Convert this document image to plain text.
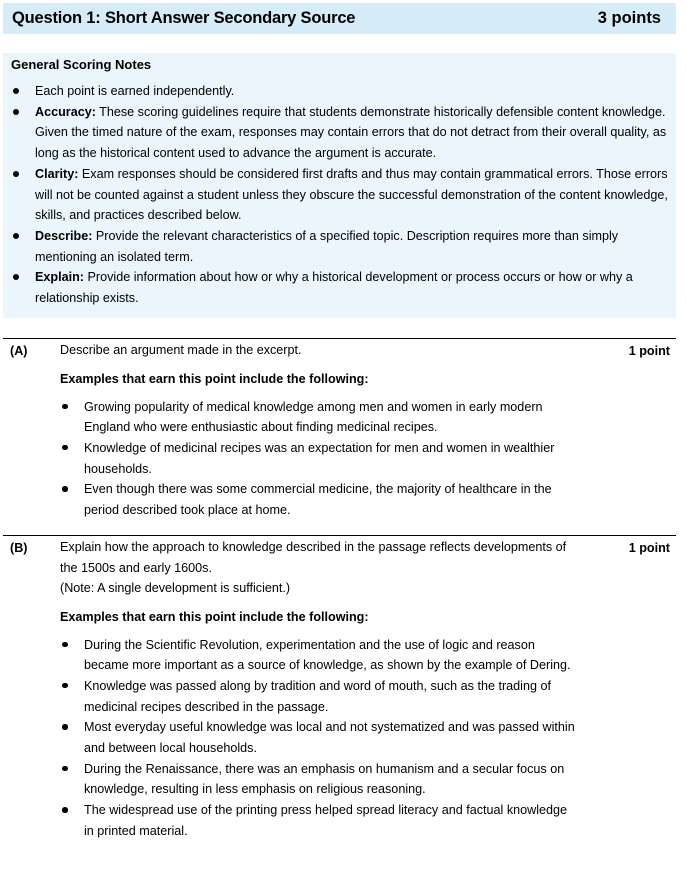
Question 1: Short Answer Secondary Source	3 points
General Scoring Notes
Each point is earned independently.
Accuracy: These scoring guidelines require that students demonstrate historically defensible content knowledge. Given the timed nature of the exam, responses may contain errors that do not detract from their overall quality, as long as the historical content used to advance the argument is accurate.
Clarity: Exam responses should be considered first drafts and thus may contain grammatical errors. Those errors will not be counted against a student unless they obscure the successful demonstration of the content knowledge, skills, and practices described below.
Describe: Provide the relevant characteristics of a specified topic. Description requires more than simply mentioning an isolated term.
Explain: Provide information about how or why a historical development or process occurs or how or why a relationship exists.
(A)	1 point
Describe an argument made in the excerpt.
Examples that earn this point include the following:
Growing popularity of medical knowledge among men and women in early modern England who were enthusiastic about finding medicinal recipes.
Knowledge of medicinal recipes was an expectation for men and women in wealthier households.
Even though there was some commercial medicine, the majority of healthcare in the period described took place at home.
(B)	1 point
Explain how the approach to knowledge described in the passage reflects developments of the 1500s and early 1600s.
(Note: A single development is sufficient.)
Examples that earn this point include the following:
During the Scientific Revolution, experimentation and the use of logic and reason became more important as a source of knowledge, as shown by the example of Dering.
Knowledge was passed along by tradition and word of mouth, such as the trading of medicinal recipes described in the passage.
Most everyday useful knowledge was local and not systematized and was passed within and between local households.
During the Renaissance, there was an emphasis on humanism and a secular focus on knowledge, resulting in less emphasis on religious reasoning.
The widespread use of the printing press helped spread literacy and factual knowledge in printed material.
